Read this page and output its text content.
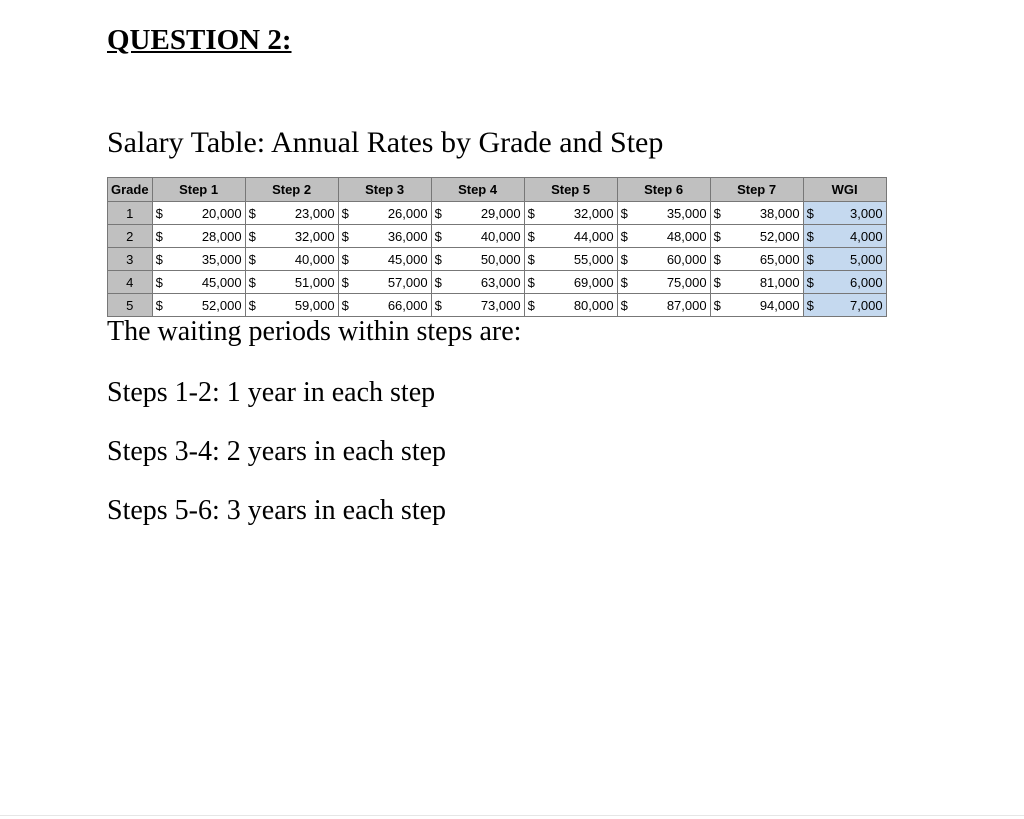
QUESTION 2:
Salary Table: Annual Rates by Grade and Step
Grade	Step 1	Step 2	Step 3	Step 4	Step 5	Step 6	Step 7	WGI
1	$ 20,000	$ 23,000	$ 26,000	$ 29,000	$ 32,000	$ 35,000	$ 38,000	$ 3,000

2	$ 28,000	$ 32,000	$ 36,000	$ 40,000	$ 44,000	$ 48,000	$ 52,000	$ 4,000

3	$ 35,000	$ 40,000	$ 45,000	$ 50,000	$ 55,000	$ 60,000	$ 65,000	$ 5,000

4	$ 45,000	$ 51,000	$ 57,000	$ 63,000	$ 69,000	$ 75,000	$ 81,000	$ 6,000

5	$ 52,000	$ 59,000	$ 66,000	$ 73,000	$ 80,000	$ 87,000	$ 94,000	$ 7,000
The waiting periods within steps are:
Steps 1-2: 1 year in each step
Steps 3-4: 2 years in each step
Steps 5-6: 3 years in each step
